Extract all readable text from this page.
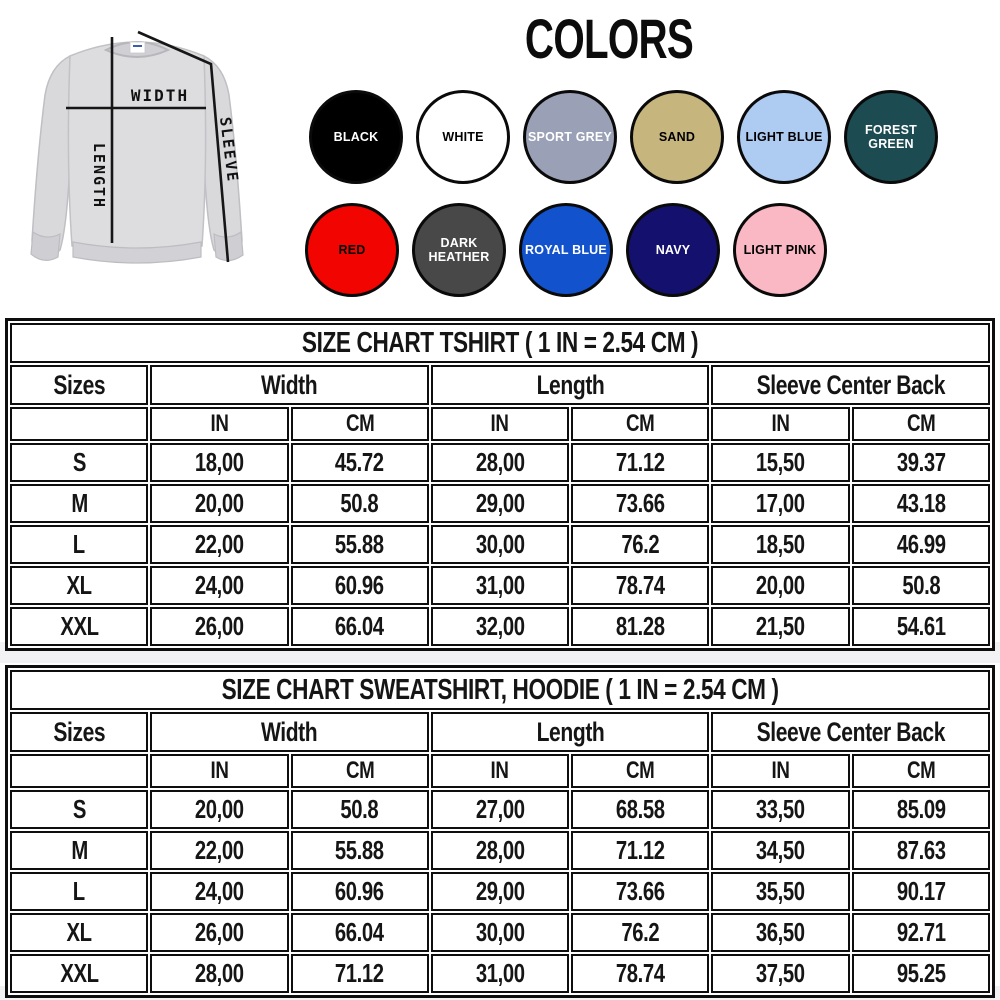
WIDTH
LENGTH	SLEEVE
COLORS
BLACK	WHITE	SPORT GREY	SAND	LIGHT BLUE
FOREST GREEN
RED
DARK HEATHER
ROYAL BLUE	NAVY	LIGHT PINK
SIZE CHART TSHIRT ( 1 IN = 2.54 CM )						
Sizes	Width		Length		Sleeve Center Back	
	IN	CM	IN	CM	IN	CM
S	18,00	45.72	28,00	71.12	15,50	39.37
M	20,00	50.8	29,00	73.66	17,00	43.18
L	22,00	55.88	30,00	76.2	18,50	46.99
XL	24,00	60.96	31,00	78.74	20,00	50.8
XXL	26,00	66.04	32,00	81.28	21,50	54.61
SIZE CHART SWEATSHIRT, HOODIE ( 1 IN = 2.54 CM )						
Sizes	Width		Length		Sleeve Center Back	
	IN	CM	IN	CM	IN	CM
S	20,00	50.8	27,00	68.58	33,50	85.09
M	22,00	55.88	28,00	71.12	34,50	87.63
L	24,00	60.96	29,00	73.66	35,50	90.17
XL	26,00	66.04	30,00	76.2	36,50	92.71
XXL	28,00	71.12	31,00	78.74	37,50	95.25
